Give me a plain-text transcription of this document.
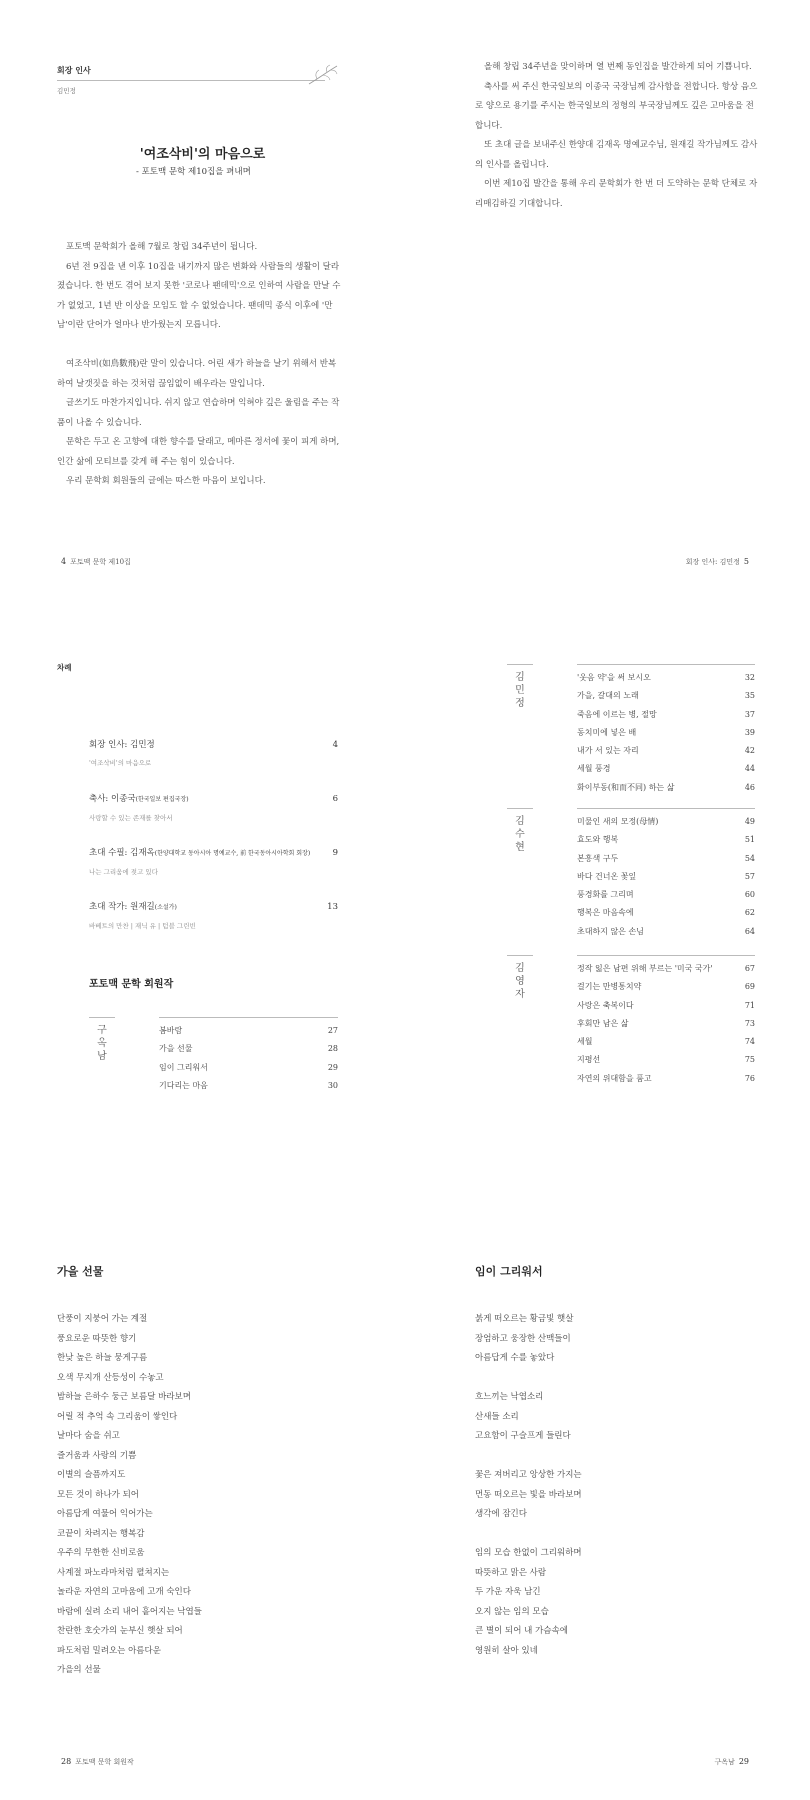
회장 인사
김민정
'여조삭비'의 마음으로
- 포토맥 문학 제10집을 펴내며

포토맥 문학회가 올해 7월로 창립 34주년이 됩니다.

6년 전 9집을 낸 이후 10집을 내기까지 많은 변화와 사람들의 생활이 달라졌습니다. 한 번도 겪어 보지 못한 '코로나 팬데믹'으로 인하여 사람을 만날 수가 없었고, 1년 반 이상을 모임도 할 수 없었습니다. 팬데믹 종식 이후에 '만남'이란 단어가 얼마나 반가웠는지 모릅니다.

여조삭비(如鳥數飛)란 말이 있습니다. 어린 새가 하늘을 날기 위해서 반복하여 날갯짓을 하는 것처럼 끊임없이 배우라는 말입니다.

글쓰기도 마찬가지입니다. 쉬지 않고 연습하며 익혀야 깊은 울림을 주는 작품이 나올 수 있습니다.

문학은 두고 온 고향에 대한 향수를 달래고, 메마른 정서에 꽃이 피게 하며, 인간 삶에 모티브를 갖게 해 주는 힘이 있습니다.

우리 문학회 회원들의 글에는 따스한 마음이 보입니다.

4 포토맥 문학 제10집

올해 창립 34주년을 맞이하며 열 번째 동인집을 발간하게 되어 기쁩니다.

축사를 써 주신 한국일보의 이종국 국장님께 감사함을 전합니다. 항상 음으로 양으로 용기를 주시는 한국일보의 정형의 부국장님께도 깊은 고마움을 전합니다.

또 초대 글을 보내주신 한양대 김재옥 명예교수님, 원재길 작가님께도 감사의 인사를 올립니다.

이번 제10집 발간을 통해 우리 문학회가 한 번 더 도약하는 문학 단체로 자리매김하길 기대합니다.

회장 인사: 김민정 5
차례
회장 인사: 김민정	4
'여조삭비'의 마음으로
축사: 이종국(한국일보 편집국장)	6
사랑할 수 있는 존재를 찾아서
초대 수필: 김재옥(한양대학교 동아시아 명예교수, 前 한국동아시아학회 회장)	9
나는 그리움에 젖고 있다
초대 작가: 원재길(소설가)	13
바베트의 만찬 | 재닉 유 | 텀블 그린빈
포토맥 문학 회원작
구
옥
남
봄바람	27
가을 선물	28
임이 그리워서	29
기다리는 마음	30
김
민
정
'웃음 약'을 써 보시오	32
가을, 갈대의 노래	35
죽음에 이르는 병, 절망	37
동치미에 넣은 배	39
내가 서 있는 자리	42
세월 풍경	44
화이부동(和而不同) 하는 삶	46
김
수
현
미물인 새의 모정(母情)	49
효도와 행복	51
본흥색 구두	54
바다 건너온 꽃잎	57
풍경화를 그리며	60
행복은 마음속에	62
초대하지 않은 손님	64
김
영
자
정작 잃은 남편 위해 부르는 '미국 국가'	67
걸기는 만병통치약	69
사랑은 축복이다	71
후회만 남은 삶	73
세월	74
지평선	75
자연의 위대함을 품고	76
가을 선물
단풍이 지붕어 가는 계절
풍요로운 따뜻한 향기
한낮 높은 하늘 뭉게구름
오색 무지개 산등성이 수놓고
밤하늘 은하수 둥근 보름달 바라보며
어릴 적 추억 속 그리움이 쌓인다
날마다 숨을 쉬고
즐거움과 사랑의 기쁨
이별의 슬픔까지도
모든 것이 하나가 되어
아름답게 여물어 익어가는
코끝이 차려지는 행복감
우주의 무한한 신비로움
사계절 파노라마처럼 펼쳐지는
놀라운 자연의 고마움에 고개 숙인다
바람에 실려 소리 내어 흩어지는 낙엽들
찬란한 호숫가의 눈부신 햇살 되어
파도처럼 밀려오는 아름다운
가을의 선물
28 포토맥 문학 회원작
임이 그리워서
붉게 떠오르는 황금빛 햇살
장엄하고 웅장한 산맥들이
아름답게 수를 놓았다
흐느끼는 낙엽소리
산새들 소리
고요함이 구슬프게 들린다
꽃은 져버리고 앙상한 가지는
먼동 떠오르는 빛을 바라보며
생각에 잠긴다
임의 모습 한없이 그리워하며
따뜻하고 맑은 사람
두 가운 자욱 남긴
오지 않는 임의 모습
큰 별이 되어 내 가슴속에
영원히 살아 있네
구옥남 29
